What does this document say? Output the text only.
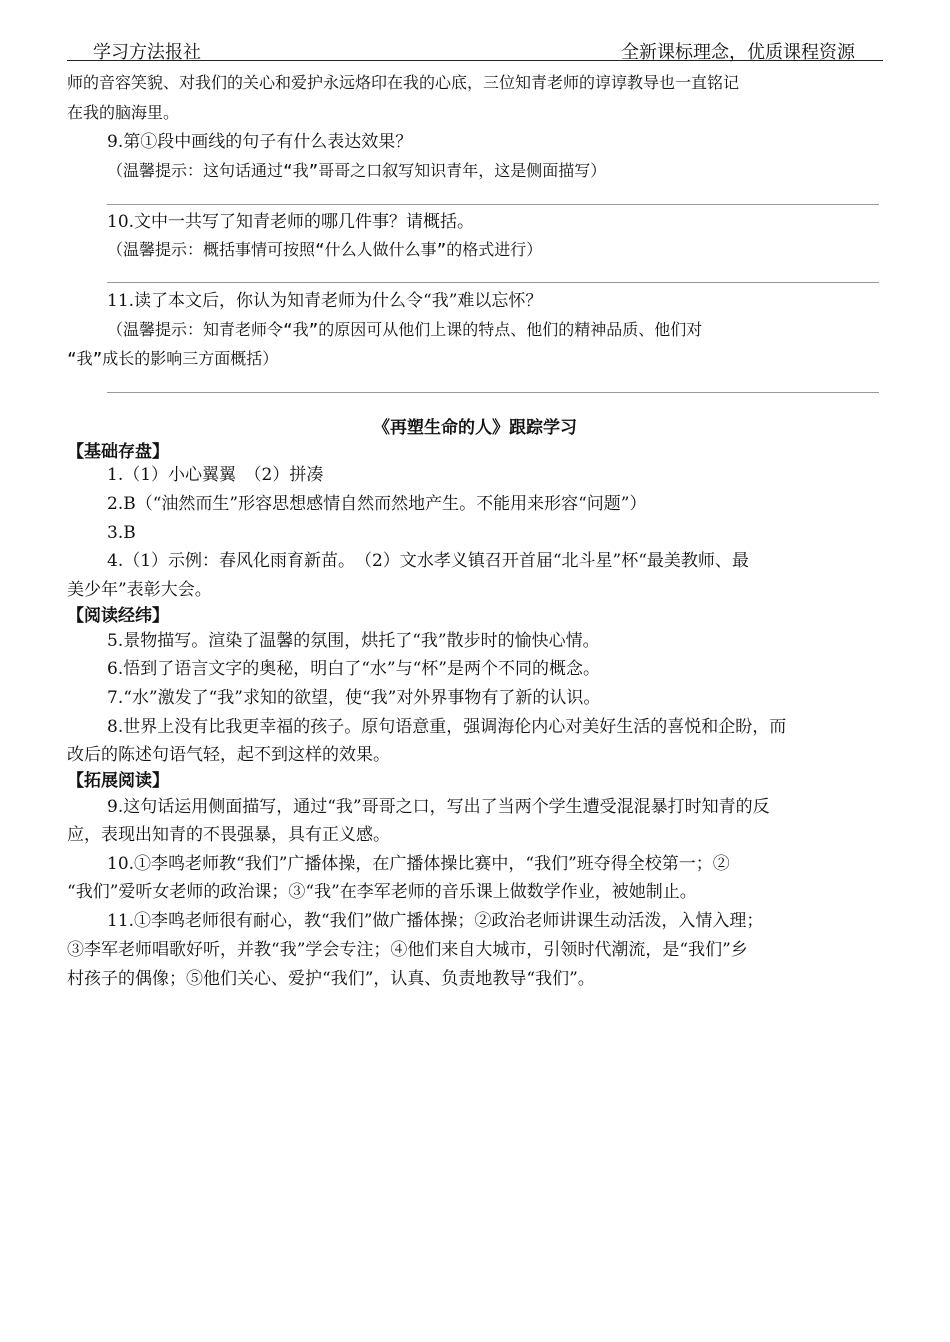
学习方法报社	全新课标理念，优质课程资源
师的音容笑貌、对我们的关心和爱护永远烙印在我的心底，三位知青老师的谆谆教导也一直铭记
在我的脑海里。
9.第①段中画线的句子有什么表达效果？
（温馨提示：这句话通过“我”哥哥之口叙写知识青年，这是侧面描写）
10.文中一共写了知青老师的哪几件事？请概括。
（温馨提示：概括事情可按照“什么人做什么事”的格式进行）
11.读了本文后，你认为知青老师为什么令“我”难以忘怀？
（温馨提示：知青老师令“我”的原因可从他们上课的特点、他们的精神品质、他们对
“我”成长的影响三方面概括）
《再塑生命的人》跟踪学习
【基础存盘】
1.（1）小心翼翼　（2）拼凑
2.B（“油然而生”形容思想感情自然而然地产生。不能用来形容“问题”）
3.B
4.（1）示例：春风化雨育新苗。　（2）文水孝义镇召开首届“北斗星”杯“最美教师、最
美少年”表彰大会。
【阅读经纬】
5.景物描写。渲染了温馨的氛围，烘托了“我”散步时的愉快心情。
6.悟到了语言文字的奥秘，明白了“水”与“杯”是两个不同的概念。
7.“水”激发了“我”求知的欲望，使“我”对外界事物有了新的认识。
8.世界上没有比我更幸福的孩子。原句语意重，强调海伦内心对美好生活的喜悦和企盼，而
改后的陈述句语气轻，起不到这样的效果。
【拓展阅读】
9.这句话运用侧面描写，通过“我”哥哥之口，写出了当两个学生遭受混混暴打时知青的反
应，表现出知青的不畏强暴，具有正义感。
10.①李鸣老师教“我们”广播体操，在广播体操比赛中，“我们”班夺得全校第一；②
“我们”爱听女老师的政治课；③“我”在李军老师的音乐课上做数学作业，被她制止。
11.①李鸣老师很有耐心，教“我们”做广播体操；②政治老师讲课生动活泼，入情入理；
③李军老师唱歌好听，并教“我”学会专注；④他们来自大城市，引领时代潮流，是“我们”乡
村孩子的偶像；⑤他们关心、爱护“我们”，认真、负责地教导“我们”。
